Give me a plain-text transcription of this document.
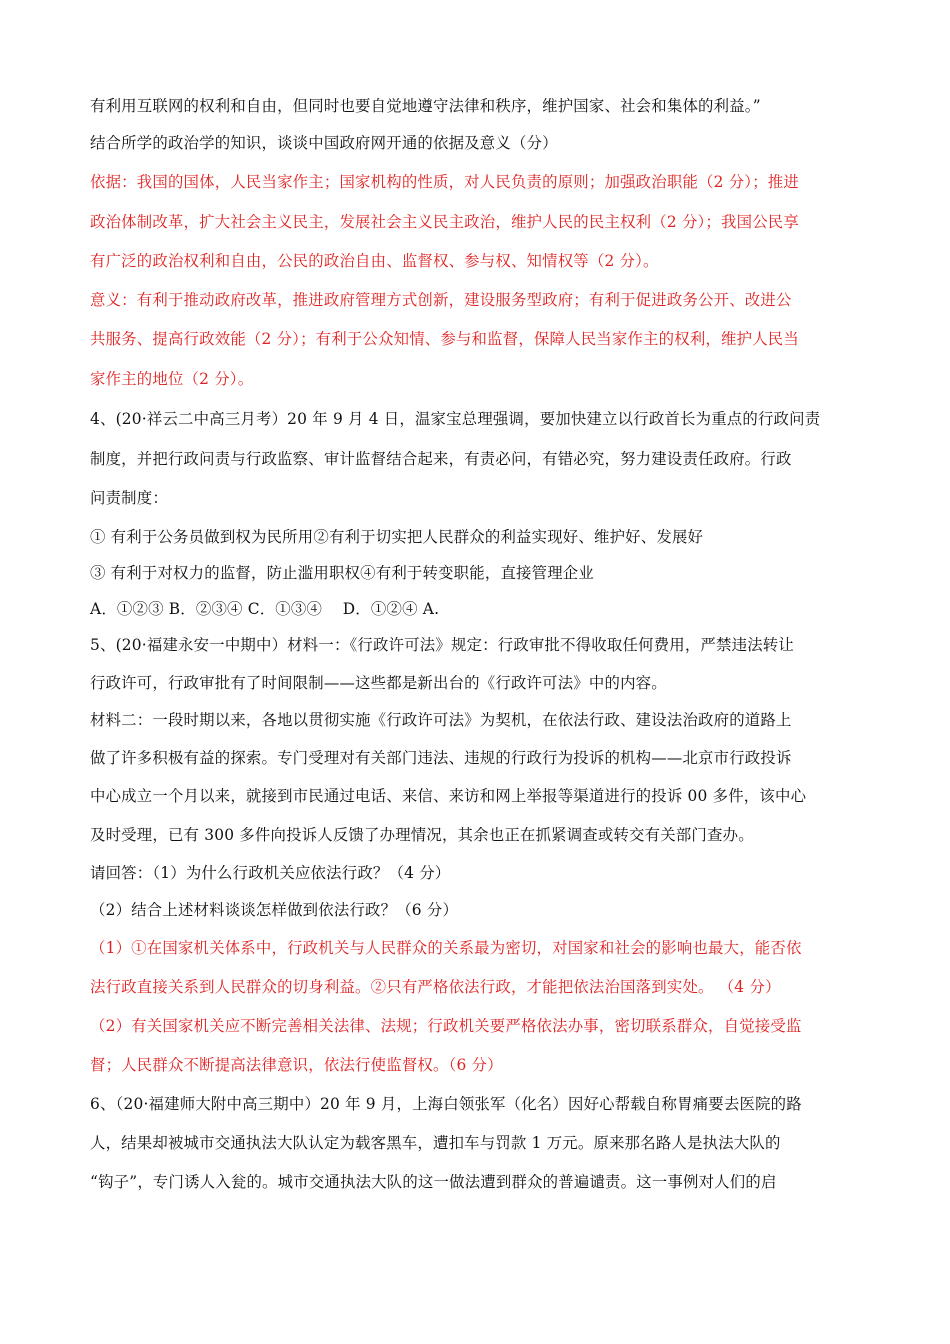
有利用互联网的权利和自由，但同时也要自觉地遵守法律和秩序，维护国家、社会和集体的利益。”
结合所学的政治学的知识，谈谈中国政府网开通的依据及意义（分）
依据：我国的国体，人民当家作主；国家机构的性质，对人民负责的原则；加强政治职能（2 分）；推进
政治体制改革，扩大社会主义民主，发展社会主义民主政治，维护人民的民主权利（2 分）；我国公民享
有广泛的政治权利和自由，公民的政治自由、监督权、参与权、知情权等（2 分）。
意义：有利于推动政府改革，推进政府管理方式创新，建设服务型政府；有利于促进政务公开、改进公
共服务、提高行政效能（2 分）；有利于公众知情、参与和监督，保障人民当家作主的权利，维护人民当
家作主的地位（2 分）。
4、(20·祥云二中高三月考）20 年 9 月 4 日，温家宝总理强调，要加快建立以行政首长为重点的行政问责
制度，并把行政问责与行政监察、审计监督结合起来，有责必问，有错必究，努力建设责任政府。行政
问责制度：
① 有利于公务员做到权为民所用②有利于切实把人民群众的利益实现好、维护好、发展好
③ 有利于对权力的监督，防止滥用职权④有利于转变职能，直接管理企业
A．①②③ B．②③④ C．①③④　 D．①②④ A.
5、(20·福建永安一中期中）材料一：《行政许可法》规定：行政审批不得收取任何费用，严禁违法转让
行政许可，行政审批有了时间限制——这些都是新出台的《行政许可法》中的内容。
材料二：一段时期以来，各地以贯彻实施《行政许可法》为契机，在依法行政、建设法治政府的道路上
做了许多积极有益的探索。专门受理对有关部门违法、违规的行政行为投诉的机构——北京市行政投诉
中心成立一个月以来，就接到市民通过电话、来信、来访和网上举报等渠道进行的投诉 00 多件，该中心
及时受理，已有 300 多件向投诉人反馈了办理情况，其余也正在抓紧调查或转交有关部门查办。
请回答：（1）为什么行政机关应依法行政？（4 分）
（2）结合上述材料谈谈怎样做到依法行政？（6 分）
（1）①在国家机关体系中，行政机关与人民群众的关系最为密切，对国家和社会的影响也最大，能否依
法行政直接关系到人民群众的切身利益。②只有严格依法行政，才能把依法治国落到实处。 （4 分）
（2）有关国家机关应不断完善相关法律、法规；行政机关要严格依法办事，密切联系群众，自觉接受监
督；人民群众不断提高法律意识，依法行使监督权。（6 分）
6、（20·福建师大附中高三期中）20 年 9 月，上海白领张军（化名）因好心帮载自称胃痛要去医院的路
人，结果却被城市交通执法大队认定为载客黑车，遭扣车与罚款 1 万元。原来那名路人是执法大队的
“钩子”，专门诱人入瓮的。城市交通执法大队的这一做法遭到群众的普遍谴责。这一事例对人们的启
